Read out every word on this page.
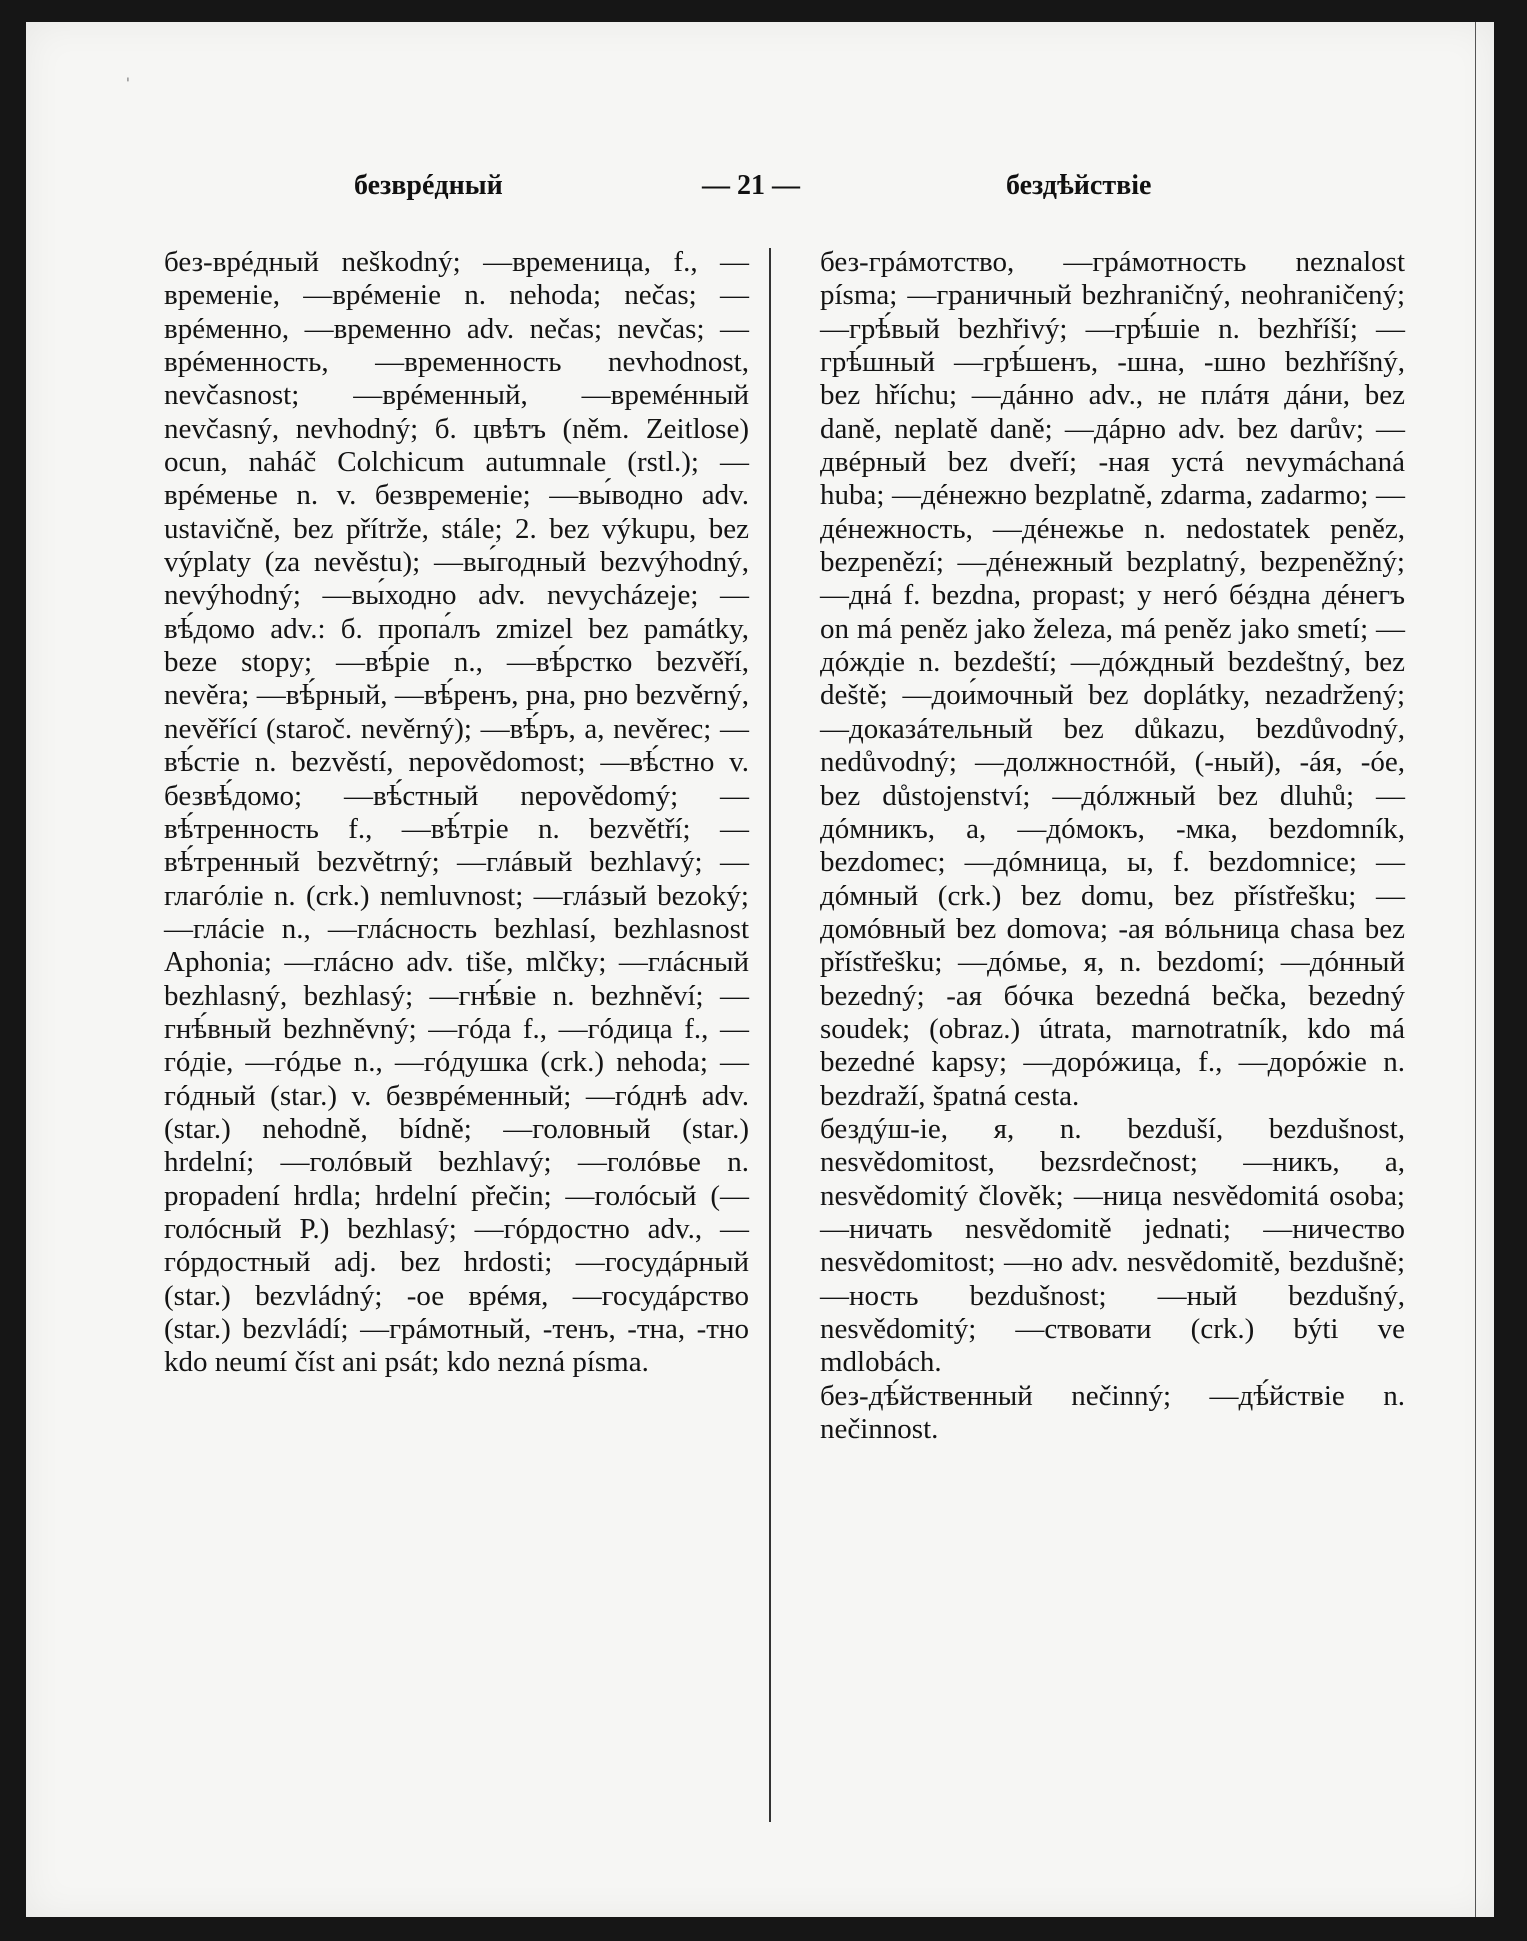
'
безврéдный	— 21 —	бездѣйствіе

без-врéдный neškodný; —временица, f., —временіе, —врéменіе n. nehoda; nečas; —врéменно, —временно adv. nečas; nevčas; —врéменность, —временность nevhodnost, nevčasnost; —врéменный, —времéнный nevčasný, nevhodný; б. цвѣтъ (něm. Zeitlose) ocun, naháč Colchicum autumnale (rstl.); —врéменье n. v. безвременіе; —вы́водно adv. ustavičně, bez přítrže, stále; 2. bez výkupu, bez výplaty (za nevěstu); —вы́годный bezvýhodný, nevýhodný; —вы́ходно adv. nevycházeje; —вѣ́домо adv.: б. пропа́лъ zmizel bez památky, beze stopy; —вѣ́ріе n., —вѣ́рстко bezvěří, nevěra; —вѣ́рный, —вѣ́ренъ, рна, рно bezvěrný, nevěřící (staroč. nevěrný); —вѣ́ръ, а, nevěrec; —вѣ́стіе n. bezvěstí, nepovědomost; —вѣ́стно v. безвѣ́домо; —вѣ́стный nepovědomý; —вѣ́тренность f., —вѣ́тріе n. bezvětří; —вѣ́тренный bezvětrný; —глáвый bezhlavý; —глагóліе n. (crk.) nemluvnost; —глáзый bezoký; —глáсіе n., —глáсность bezhlasí, bezhlasnost Aphonia; —глáсно adv. tiše, mlčky; —глáсный bezhlasný, bezhlasý; —гнѣ́віе n. bezhněví; —гнѣ́вный bezhněvný; —гóда f., —гóдица f., —гóдіе, —гóдье n., —гóдушка (crk.) nehoda; —гóдный (star.) v. безврéменный; —гóднѣ adv. (star.) nehodně, bídně; —головный (star.) hrdelní; —голóвый bezhlavý; —голóвье n. propadení hrdla; hrdelní přečin; —голóсый (—голóсный P.) bezhlasý; —гóрдостно adv., —гóрдостный adj. bez hrdosti; —госудáрный (star.) bezvládný; -ое врéмя, —госудáрство (star.) bezvládí; —грáмотный, -тенъ, -тна, -тно kdo neumí číst ani psát; kdo nezná písma.

без-грáмотство, —грáмотность neznalost písma; —граничный bezhraničný, neohraničený; —грѣ́вый bezhřivý; —грѣ́шіе n. bezhříší; —грѣ́шный —грѣ́шенъ, -шна, -шно bezhříšný, bez hříchu; —дáнно adv., не плáтя дáни, bez daně, neplatě daně; —дáрно adv. bez darův; —двéрный bez dveří; -ная устá nevymáchaná huba; —дéнежно bezplatně, zdarma, zadarmo; —дéнежность, —дéнежье n. nedostatek peněz, bezpenězí; —дéнежный bezplatný, bezpeněžný; —днá f. bezdna, propast; у негó бéздна дéнегъ on má peněz jako železa, má peněz jako smetí; —дóждіе n. bezdeští; —дóждный bezdeštný, bez deště; —дои́мочный bez doplátky, nezadržený; —доказáтельный bez důkazu, bezdůvodný, nedůvodný; —должностнóй, (-ный), -áя, -óе, bez důstojenství; —дóлжный bez dluhů; —дóмникъ, а, —дóмокъ, -мка, bezdomník, bezdomec; —дóмница, ы, f. bezdomnice; —дóмный (crk.) bez domu, bez přístřešku; —домóвный bez domova; -ая вóльница chasa bez přístřešku; —дóмье, я, n. bezdomí; —дóнный bezedný; -ая бóчка bezedná bečka, bezedný soudek; (obraz.) útrata, marnotratník, kdo má bezedné kapsy; —дорóжица, f., —дорóжіе n. bezdraží, špatná cesta.

бездýш-іе, я, n. bezduší, bezdušnost, nesvědomitost, bezsrdečnost; —никъ, а, nesvědomitý člověk; —ница nesvědomitá osoba; —ничать nesvědomitě jednati; —ничество nesvědomitost; —но adv. nesvědomitě, bezdušně; —ность bezdušnost; —ный bezdušný, nesvědomitý; —ствовати (crk.) býti ve mdlobách.

без-дѣ́йственный nečinný; —дѣ́йствіе n. nečinnost.
